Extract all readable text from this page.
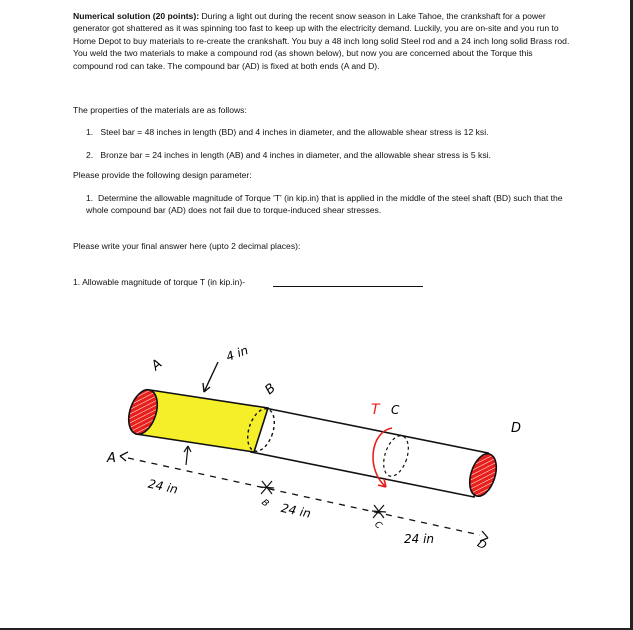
Numerical solution (20 points): During a light out during the recent snow season in Lake Tahoe, the crankshaft for a power generator got shattered as it was spinning too fast to keep up with the electricity demand. Luckily, you are on-site and you run to Home Depot to buy materials to re-create the crankshaft. You buy a 48 inch long solid Steel rod and a 24 inch long solid Brass rod. You weld the two materials to make a compound rod (as shown below), but now you are concerned about the Torque this compound rod can take. The compound bar (AD) is fixed at both ends (A and D).
The properties of the materials are as follows:
1. Steel bar = 48 inches in length (BD) and 4 inches in diameter, and the allowable shear stress is 12 ksi.
2. Bronze bar = 24 inches in length (AB) and 4 inches in diameter, and the allowable shear stress is 5 ksi.
Please provide the following design parameter:
1. Determine the allowable magnitude of Torque 'T' (in kip.in) that is applied in the middle of the steel shaft (BD) such that the whole compound bar (AD) does not fail due to torque-induced shear stresses.
Please write your final answer here (upto 2 decimal places):
1. Allowable magnitude of torque T (in kip.in)-
A
4 in
B
T C
D
A
24 in
B 24 in
C
24 in	D
